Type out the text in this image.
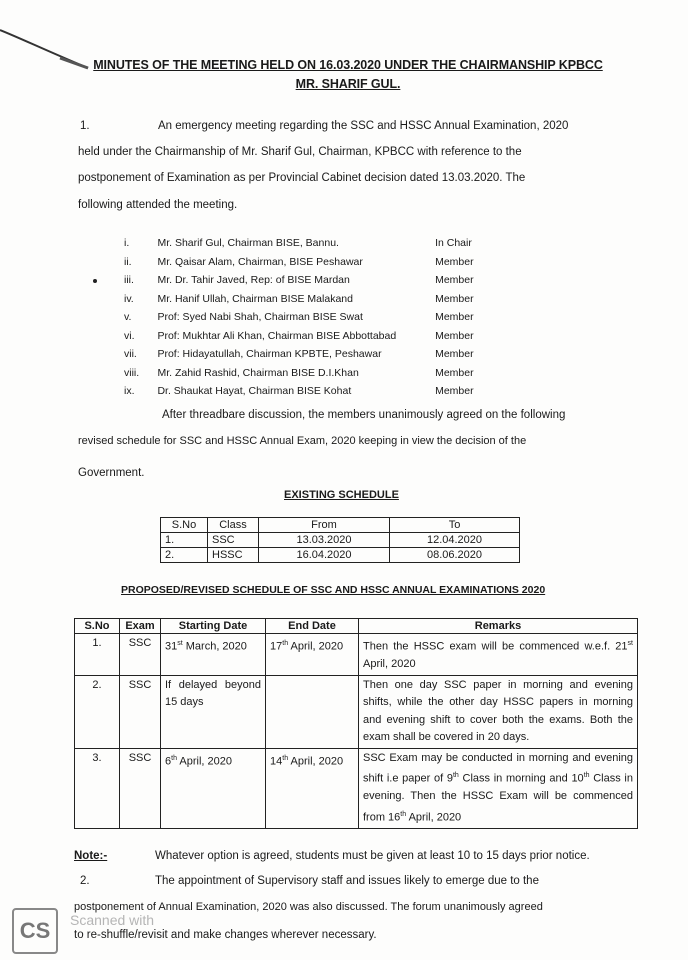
MINUTES OF THE MEETING HELD ON 16.03.2020 UNDER THE CHAIRMANSHIP KPBCC
MR. SHARIF GUL.
1.	An emergency meeting regarding the SSC and HSSC Annual Examination, 2020
held under the Chairmanship of Mr. Sharif Gul, Chairman, KPBCC with reference to the
postponement of Examination as per Provincial Cabinet decision dated 13.03.2020. The
following attended the meeting.
i.	Mr. Sharif Gul, Chairman BISE, Bannu.	In Chair
ii.	Mr. Qaisar Alam, Chairman, BISE Peshawar	Member
iii.	Mr. Dr. Tahir Javed, Rep: of BISE Mardan	Member
iv.	Mr. Hanif Ullah, Chairman BISE Malakand	Member
v.	Prof: Syed Nabi Shah, Chairman BISE Swat	Member
vi.	Prof: Mukhtar Ali Khan, Chairman BISE Abbottabad	Member
vii.	Prof: Hidayatullah, Chairman KPBTE, Peshawar	Member
viii.	Mr. Zahid Rashid, Chairman BISE D.I.Khan	Member
ix.	Dr. Shaukat Hayat, Chairman BISE Kohat	Member
After threadbare discussion, the members unanimously agreed on the following
revised schedule for SSC and HSSC Annual Exam, 2020 keeping in view the decision of the
Government.
EXISTING SCHEDULE
S.No	Class	From	To
1.	SSC	13.03.2020	12.04.2020
2.	HSSC	16.04.2020	08.06.2020
PROPOSED/REVISED SCHEDULE OF SSC AND HSSC ANNUAL EXAMINATIONS 2020
S.No	Exam	Starting Date	End Date	Remarks
1.	SSC	31st March, 2020	17th April, 2020	Then the HSSC exam will be commenced w.e.f. 21st April, 2020
2.	SSC	If delayed beyond 15 days		Then one day SSC paper in morning and evening shifts, while the other day HSSC papers in morning and evening shift to cover both the exams. Both the exam shall be covered in 20 days.
3.	SSC	6th April, 2020	14th April, 2020	SSC Exam may be conducted in morning and evening shift i.e paper of 9th Class in morning and 10th Class in evening. Then the HSSC Exam will be commenced from 16th April, 2020
Note:-	Whatever option is agreed, students must be given at least 10 to 15 days prior notice.
2.	The appointment of Supervisory staff and issues likely to emerge due to the
postponement of Annual Examination, 2020 was also discussed. The forum unanimously agreed
to re-shuffle/revisit and make changes wherever necessary.
Scanned with
CS
